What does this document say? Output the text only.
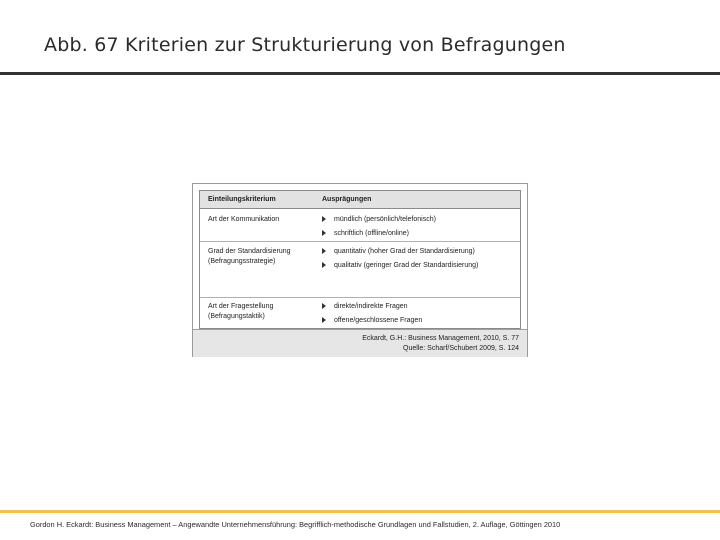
Abb. 67 Kriterien zur Strukturierung von Befragungen
Einteilungskriterium	Ausprägungen
Art der Kommunikation	mündlich (persönlich/telefonisch)
schriftlich (offline/online)
Grad der Standardisierung (Befragungsstrategie)
quantitativ (hoher Grad der Standardisierung)
qualitativ (geringer Grad der Standardisierung)
Art der Fragestellung (Befragungstaktik)
direkte/indirekte Fragen
offene/geschlossene Fragen
Eckardt, G.H.: Business Management, 2010, S. 77
Quelle: Scharf/Schubert 2009, S. 124
Gordon H. Eckardt: Business Management – Angewandte Unternehmensführung: Begrifflich-methodische Grundlagen und Fallstudien, 2. Auflage, Göttingen 2010
